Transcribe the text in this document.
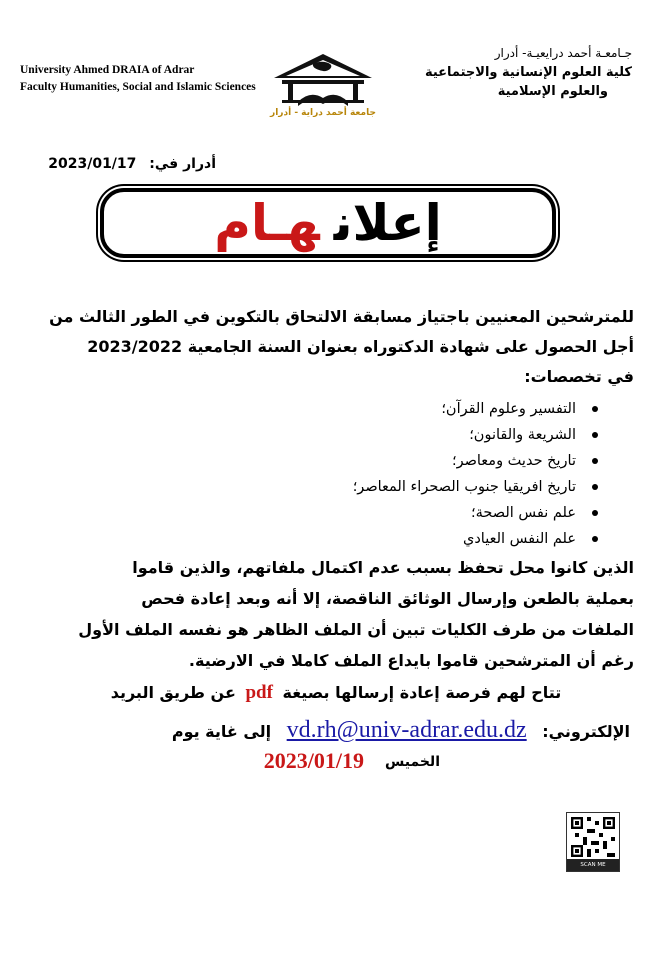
University Ahmed DRAIA of Adrar
Faculty Humanities, Social and Islamic Sciences
جامعة أحمد دراية - أدرار
جـامعـة أحمد درايعيـة- أدرار
كلية العلوم الإنسانية والاجتماعية
والعلوم الإسلامية
أدرار في: 2023/01/17
إعلانهـام
للمترشحين المعنيين باجتياز مسابقة الالتحاق بالتكوين في الطور الثالث من
أجل الحصول على شهادة الدكتوراه بعنوان السنة الجامعية 2023/2022
في تخصصات:
التفسير وعلوم القرآن؛
الشريعة والقانون؛
تاريخ حديث ومعاصر؛
تاريخ افريقيا جنوب الصحراء المعاصر؛
علم نفس الصحة؛
علم النفس العيادي

الذين كانوا محل تحفظ بسبب عدم اكتمال ملفاتهم، والذين قاموا

بعملية بالطعن وإرسال الوثائق الناقصة، إلا أنه وبعد إعادة فحص

الملفات من طرف الكليات تبين أن الملف الظاهر هو نفسه الملف الأول

رغم أن المترشحين قاموا بايداع الملف كاملا في الارضية.

تتاح لهم فرصة إعادة إرسالها بصيغة pdf عن طريق البريد
الإلكتروني: vd.rh@univ-adrar.edu.dz إلى غاية يوم
الخميس
2023/01/19
SCAN ME
